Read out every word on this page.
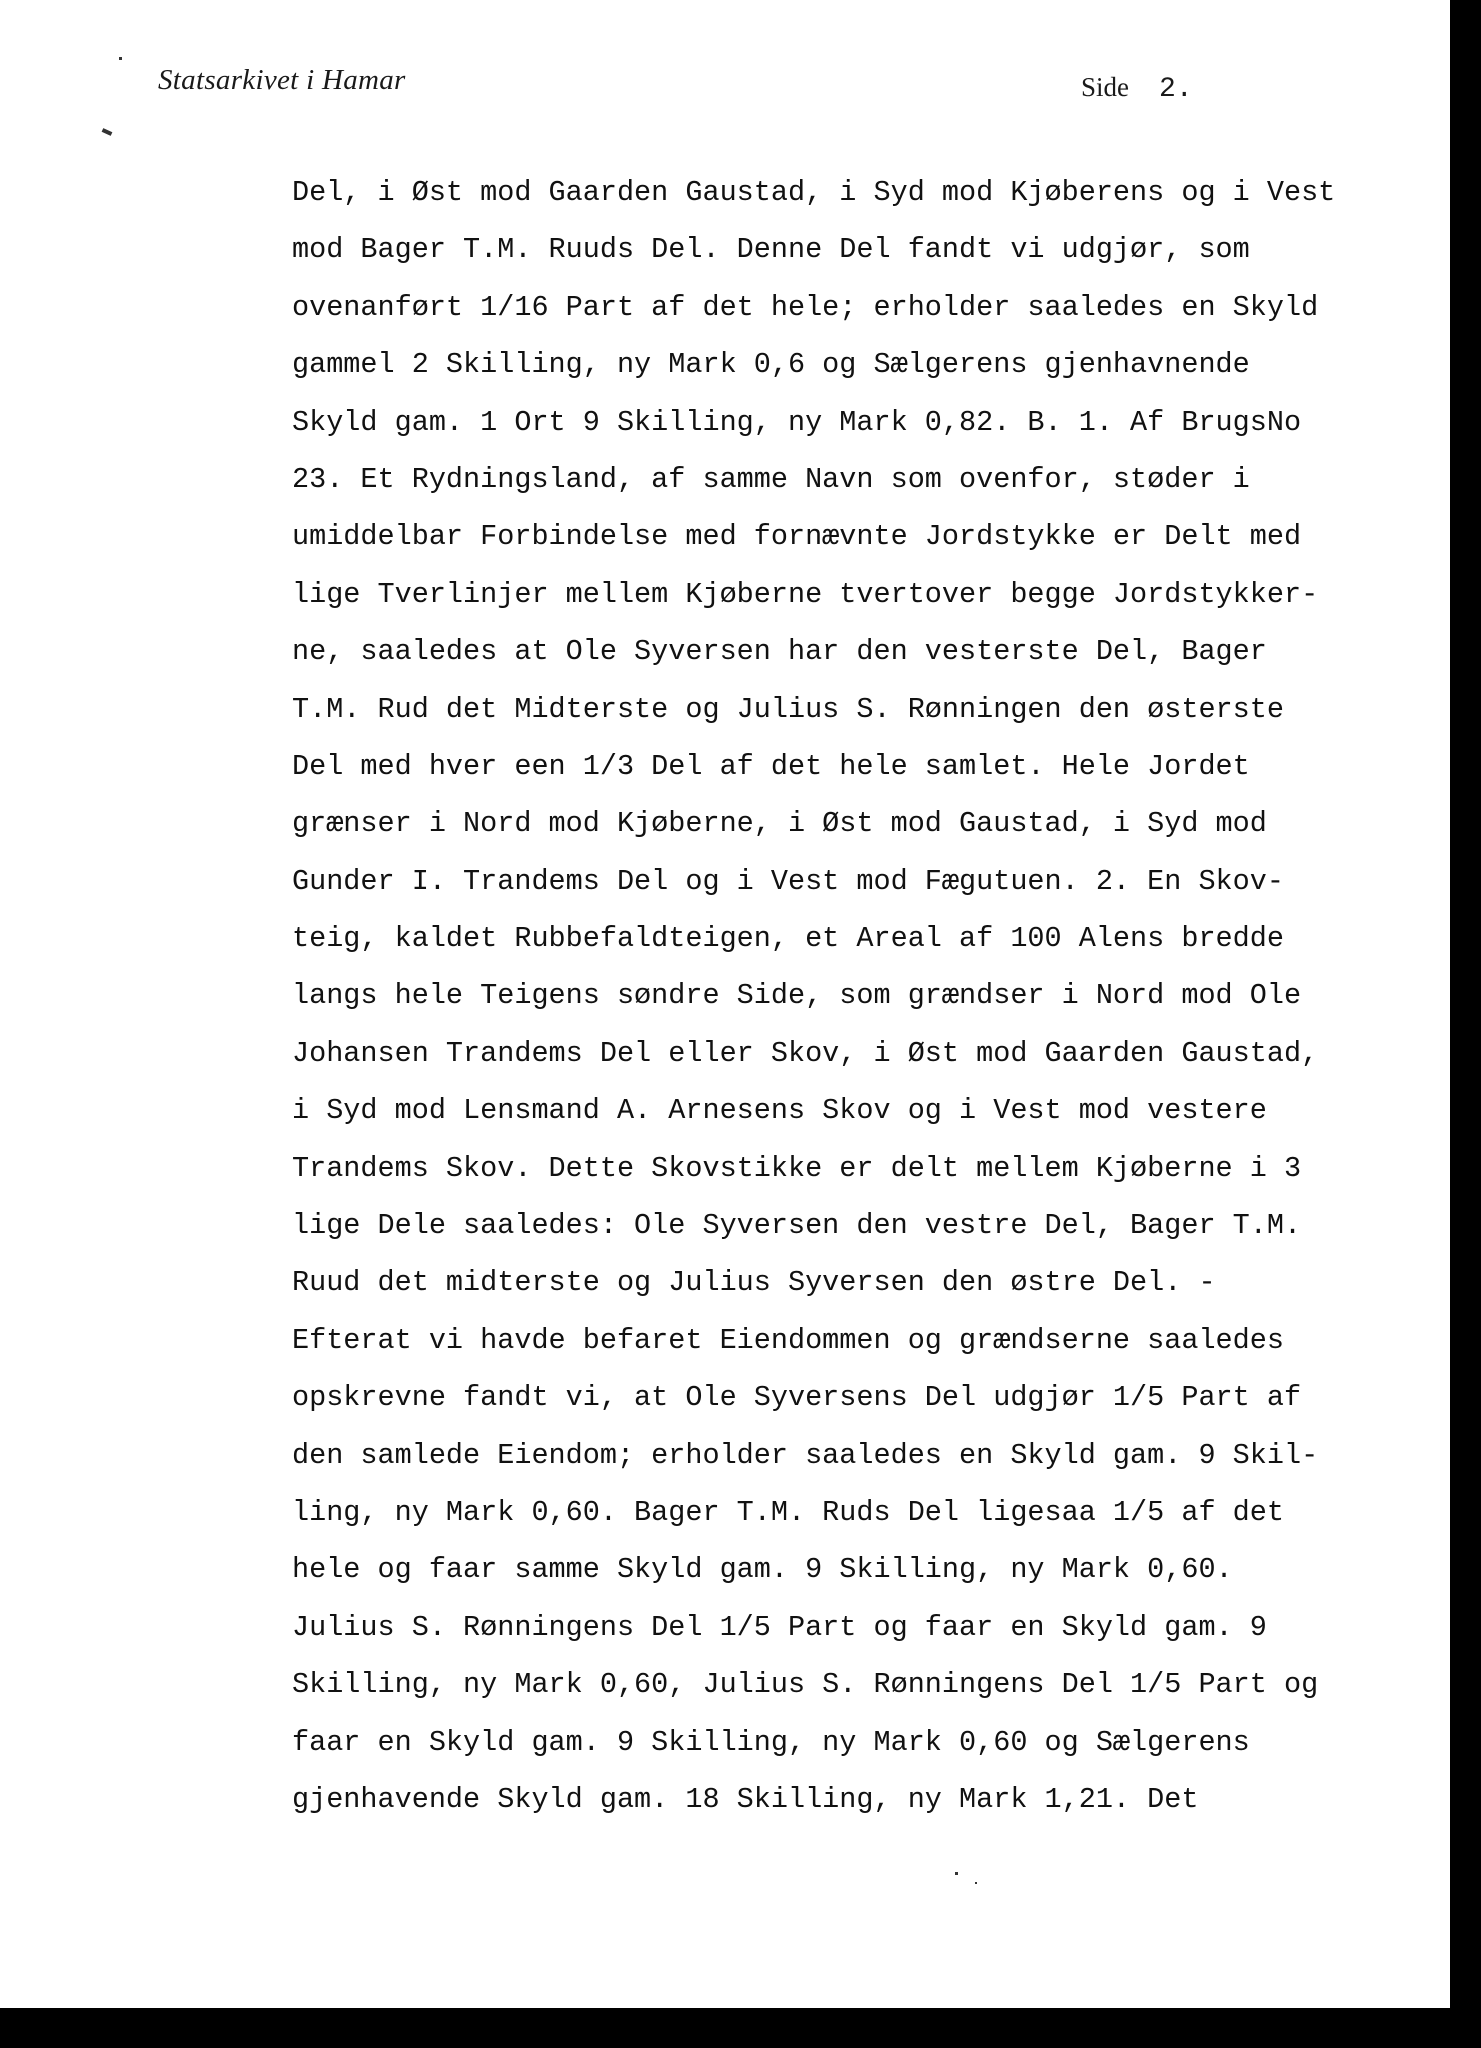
Statsarkivet i Hamar	Side 2.
Del, i Øst mod Gaarden Gaustad, i Syd mod Kjøberens og i Vest
mod Bager T.M. Ruuds Del. Denne Del fandt vi udgjør, som
ovenanført 1/16 Part af det hele; erholder saaledes en Skyld
gammel 2 Skilling, ny Mark 0,6 og Sælgerens gjenhavnende
Skyld gam. 1 Ort 9 Skilling, ny Mark 0,82. B. 1. Af BrugsNo
23. Et Rydningsland, af samme Navn som ovenfor, støder i
umiddelbar Forbindelse med fornævnte Jordstykke er Delt med
lige Tverlinjer mellem Kjøberne tvertover begge Jordstykker-
ne, saaledes at Ole Syversen har den vesterste Del, Bager
T.M. Rud det Midterste og Julius S. Rønningen den østerste
Del med hver een 1/3 Del af det hele samlet. Hele Jordet
grænser i Nord mod Kjøberne, i Øst mod Gaustad, i Syd mod
Gunder I. Trandems Del og i Vest mod Fægutuen. 2. En Skov-
teig, kaldet Rubbefaldteigen, et Areal af 100 Alens bredde
langs hele Teigens søndre Side, som grændser i Nord mod Ole
Johansen Trandems Del eller Skov, i Øst mod Gaarden Gaustad,
i Syd mod Lensmand A. Arnesens Skov og i Vest mod vestere
Trandems Skov. Dette Skovstikke er delt mellem Kjøberne i 3
lige Dele saaledes: Ole Syversen den vestre Del, Bager T.M.
Ruud det midterste og Julius Syversen den østre Del. -
Efterat vi havde befaret Eiendommen og grændserne saaledes
opskrevne fandt vi, at Ole Syversens Del udgjør 1/5 Part af
den samlede Eiendom; erholder saaledes en Skyld gam. 9 Skil-
ling, ny Mark 0,60. Bager T.M. Ruds Del ligesaa 1/5 af det
hele og faar samme Skyld gam. 9 Skilling, ny Mark 0,60.
Julius S. Rønningens Del 1/5 Part og faar en Skyld gam. 9
Skilling, ny Mark 0,60, Julius S. Rønningens Del 1/5 Part og
faar en Skyld gam. 9 Skilling, ny Mark 0,60 og Sælgerens
gjenhavende Skyld gam. 18 Skilling, ny Mark 1,21. Det
